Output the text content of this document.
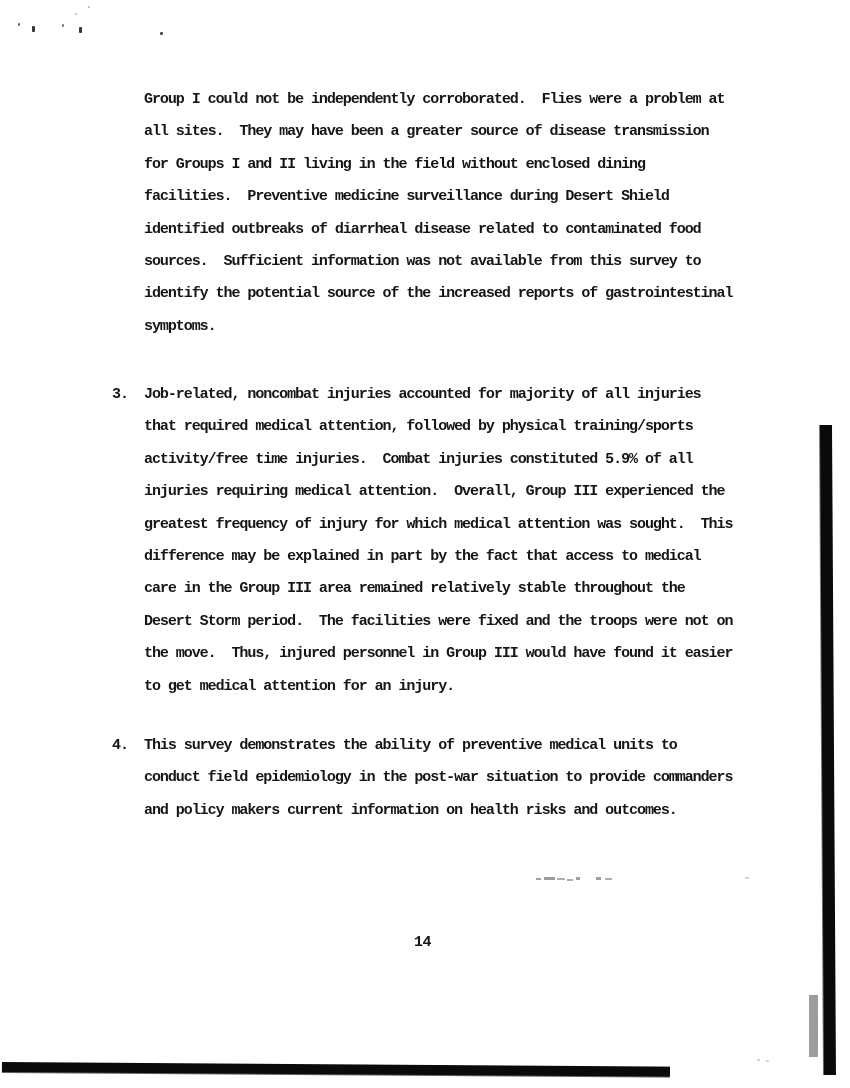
Group I could not be independently corroborated.  Flies were a problem at
all sites.  They may have been a greater source of disease transmission
for Groups I and II living in the field without enclosed dining
facilities.  Preventive medicine surveillance during Desert Shield
identified outbreaks of diarrheal disease related to contaminated food
sources.  Sufficient information was not available from this survey to
identify the potential source of the increased reports of gastrointestinal
symptoms.
3. Job-related, noncombat injuries accounted for majority of all injuries
that required medical attention, followed by physical training/sports
activity/free time injuries.  Combat injuries constituted 5.9% of all
injuries requiring medical attention.  Overall, Group III experienced the
greatest frequency of injury for which medical attention was sought.  This
difference may be explained in part by the fact that access to medical
care in the Group III area remained relatively stable throughout the
Desert Storm period.  The facilities were fixed and the troops were not on
the move.  Thus, injured personnel in Group III would have found it easier
to get medical attention for an injury.
4. This survey demonstrates the ability of preventive medical units to
conduct field epidemiology in the post-war situation to provide commanders
and policy makers current information on health risks and outcomes.
14
